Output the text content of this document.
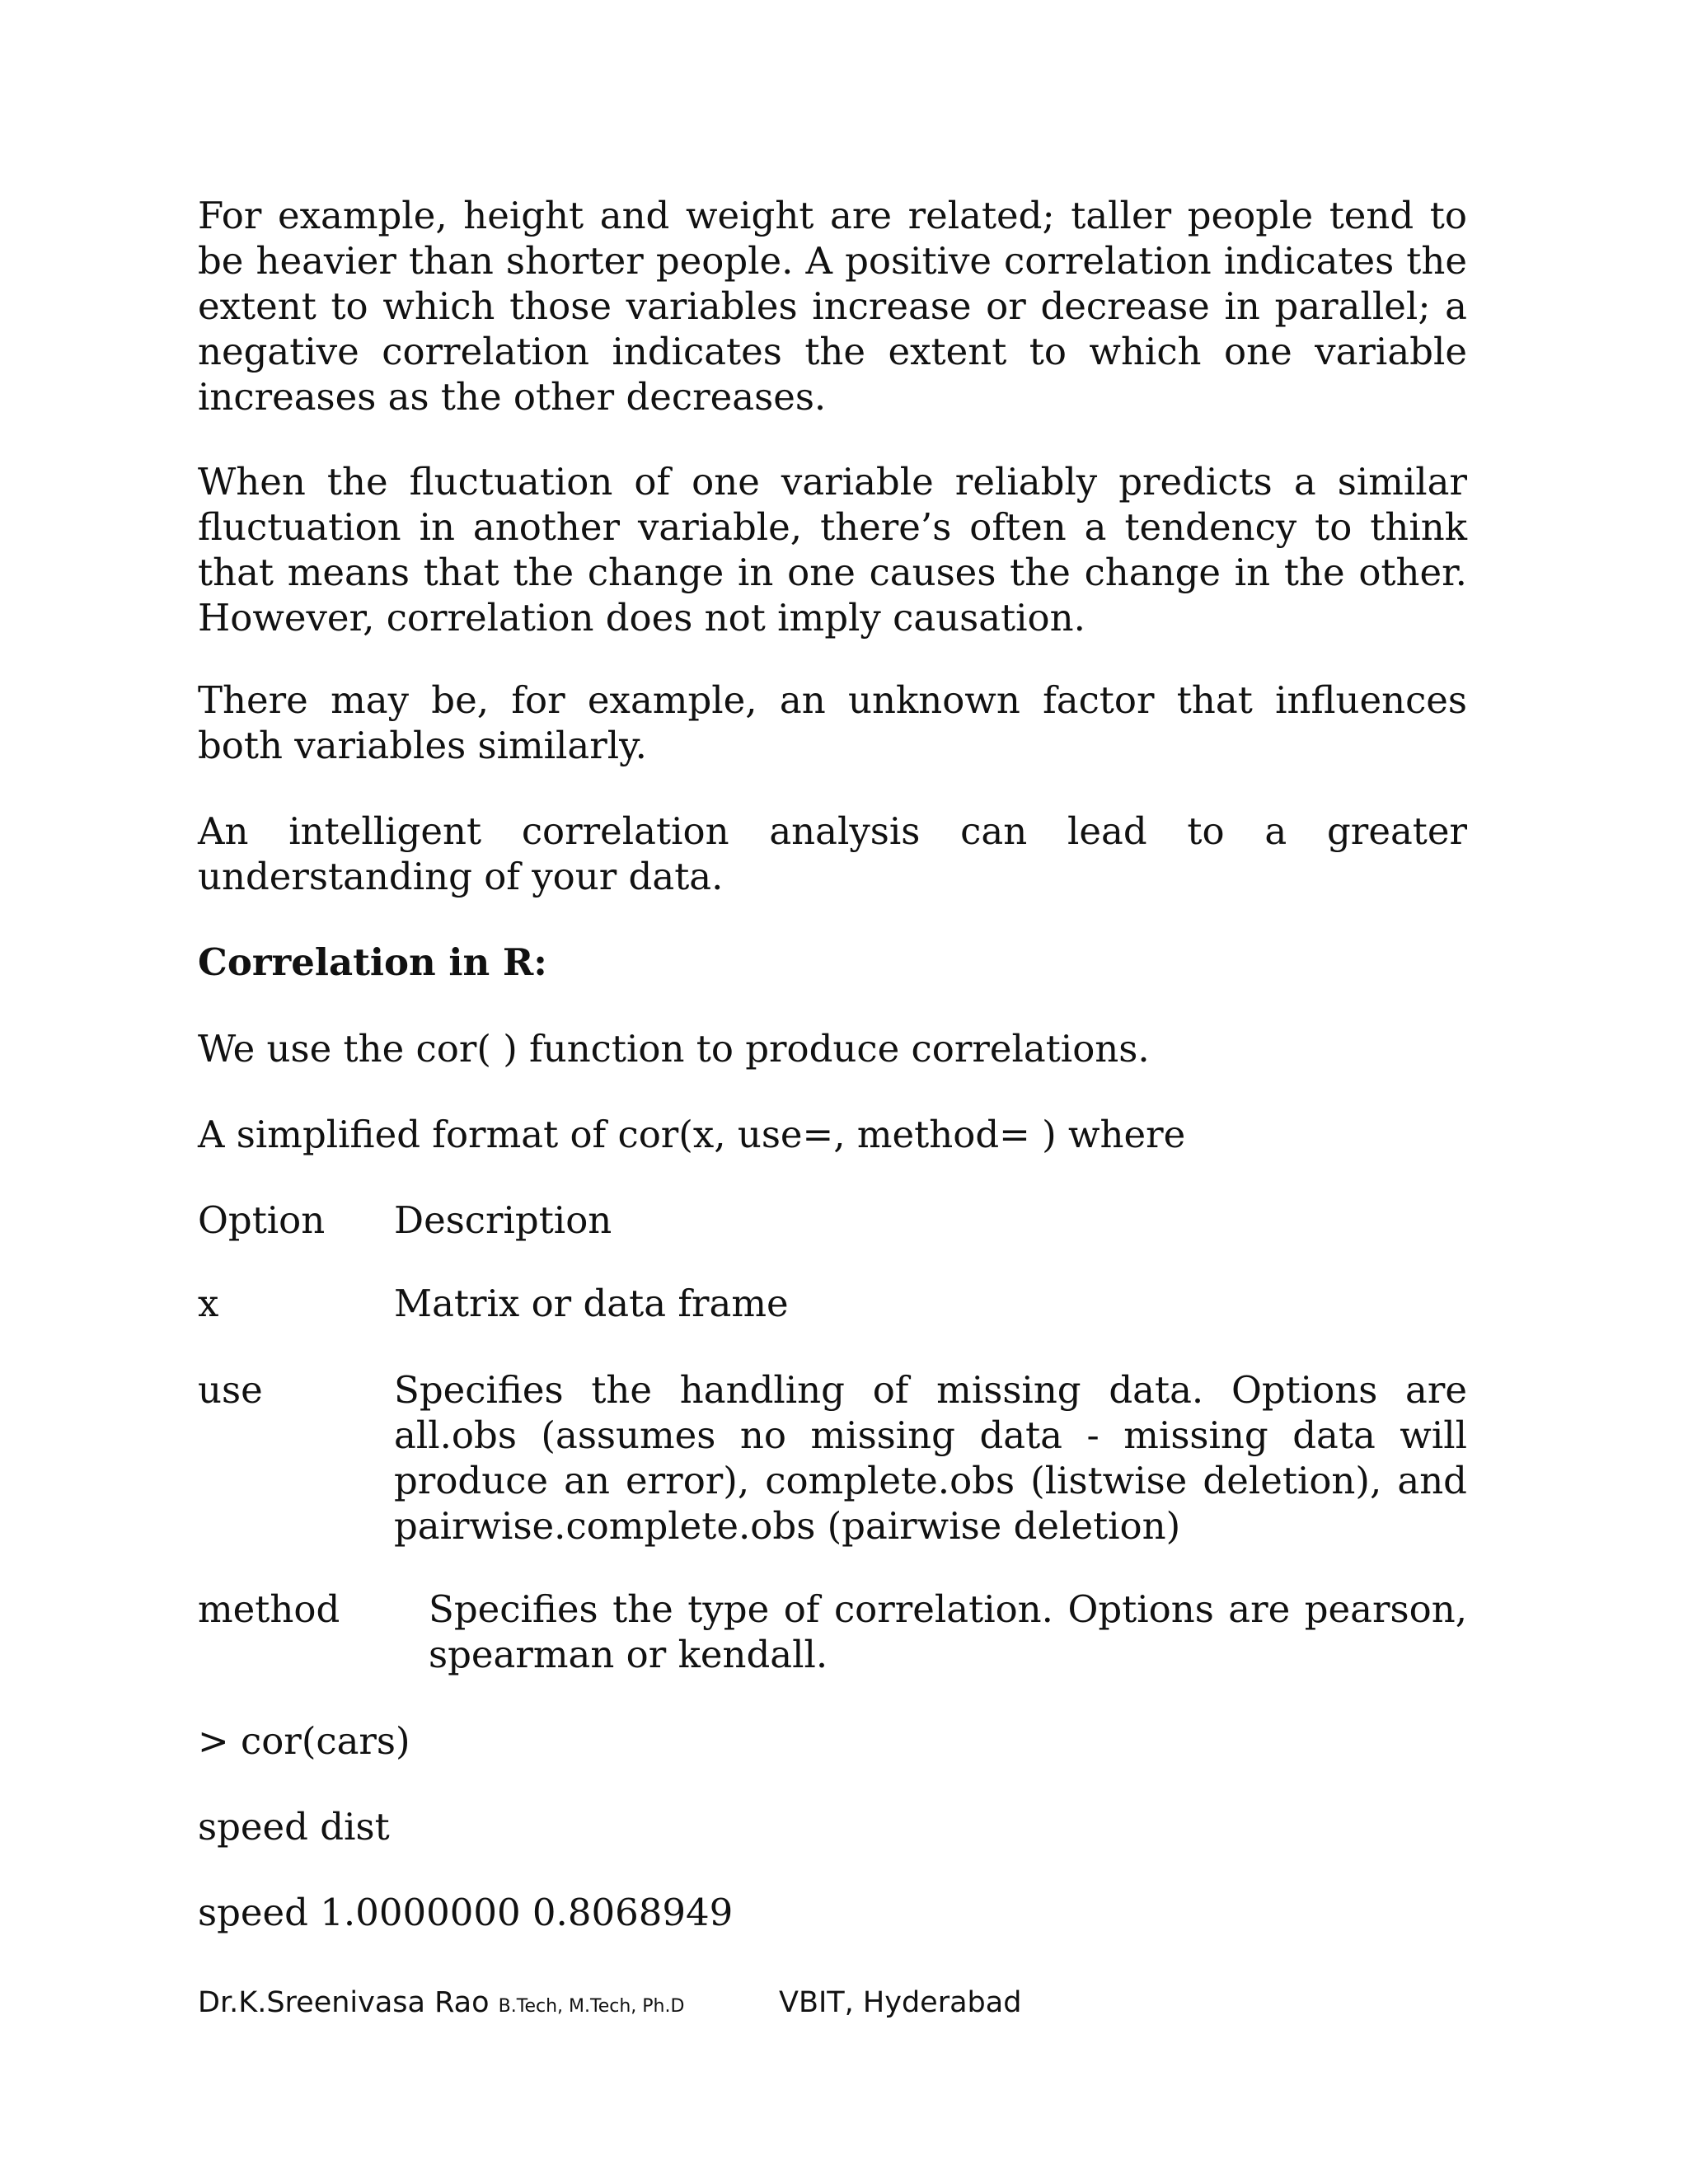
For example, height and weight are related; taller people tend to be heavier than shorter people. A positive correlation indicates the extent to which those variables increase or decrease in parallel; a negative correlation indicates the extent to which one variable increases as the other decreases.

When the fluctuation of one variable reliably predicts a similar fluctuation in another variable, there’s often a tendency to think that means that the change in one causes the change in the other. However, correlation does not imply causation.

There may be, for example, an unknown factor that influences both variables similarly.

An intelligent correlation analysis can lead to a greater understanding of your data.

Correlation in R:

We use the cor( ) function to produce correlations.

A simplified format of cor(x, use=, method= ) where

Option Description

x	Matrix or data frame

use	Specifies the handling of missing data. Options are all.obs (assumes no missing data - missing data will produce an error), complete.obs (listwise deletion), and pairwise.complete.obs (pairwise deletion)

method Specifies the type of correlation. Options are pearson, spearman or kendall.

> cor(cars)

speed dist

speed 1.0000000 0.8068949

Dr.K.Sreenivasa Rao B.Tech, M.Tech, Ph.D	VBIT, Hyderabad
